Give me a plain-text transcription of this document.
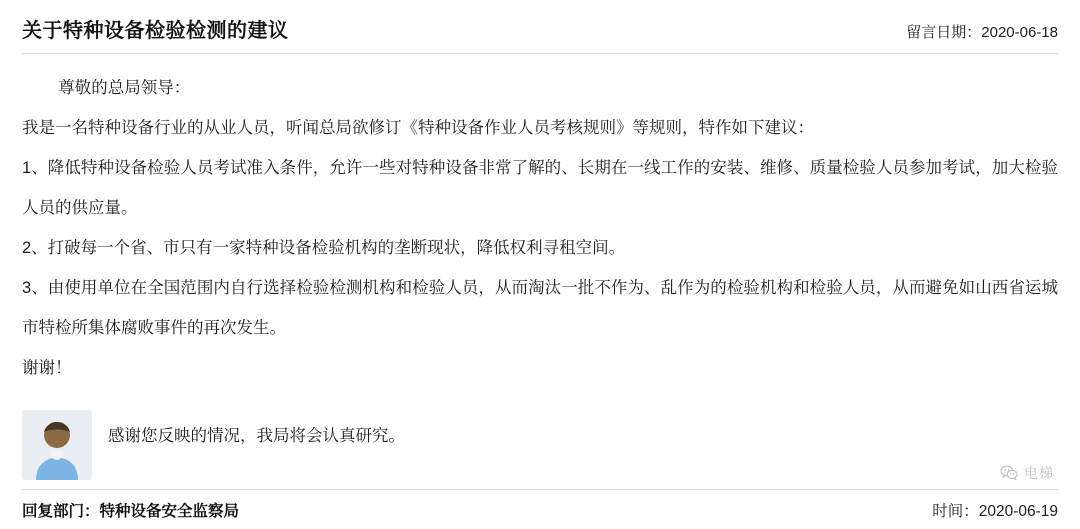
关于特种设备检验检测的建议	留言日期：2020-06-18

尊敬的总局领导：

我是一名特种设备行业的从业人员，听闻总局欲修订《特种设备作业人员考核规则》等规则，特作如下建议：

1、降低特种设备检验人员考试准入条件，允许一些对特种设备非常了解的、长期在一线工作的安装、维修、质量检验人员参加考试，加大检验人员的供应量。

2、打破每一个省、市只有一家特种设备检验机构的垄断现状，降低权利寻租空间。

3、由使用单位在全国范围内自行选择检验检测机构和检验人员，从而淘汰一批不作为、乱作为的检验机构和检验人员，从而避免如山西省运城市特检所集体腐败事件的再次发生。

谢谢！

感谢您反映的情况，我局将会认真研究。
电梯
回复部门：特种设备安全监察局	时间：2020-06-19
